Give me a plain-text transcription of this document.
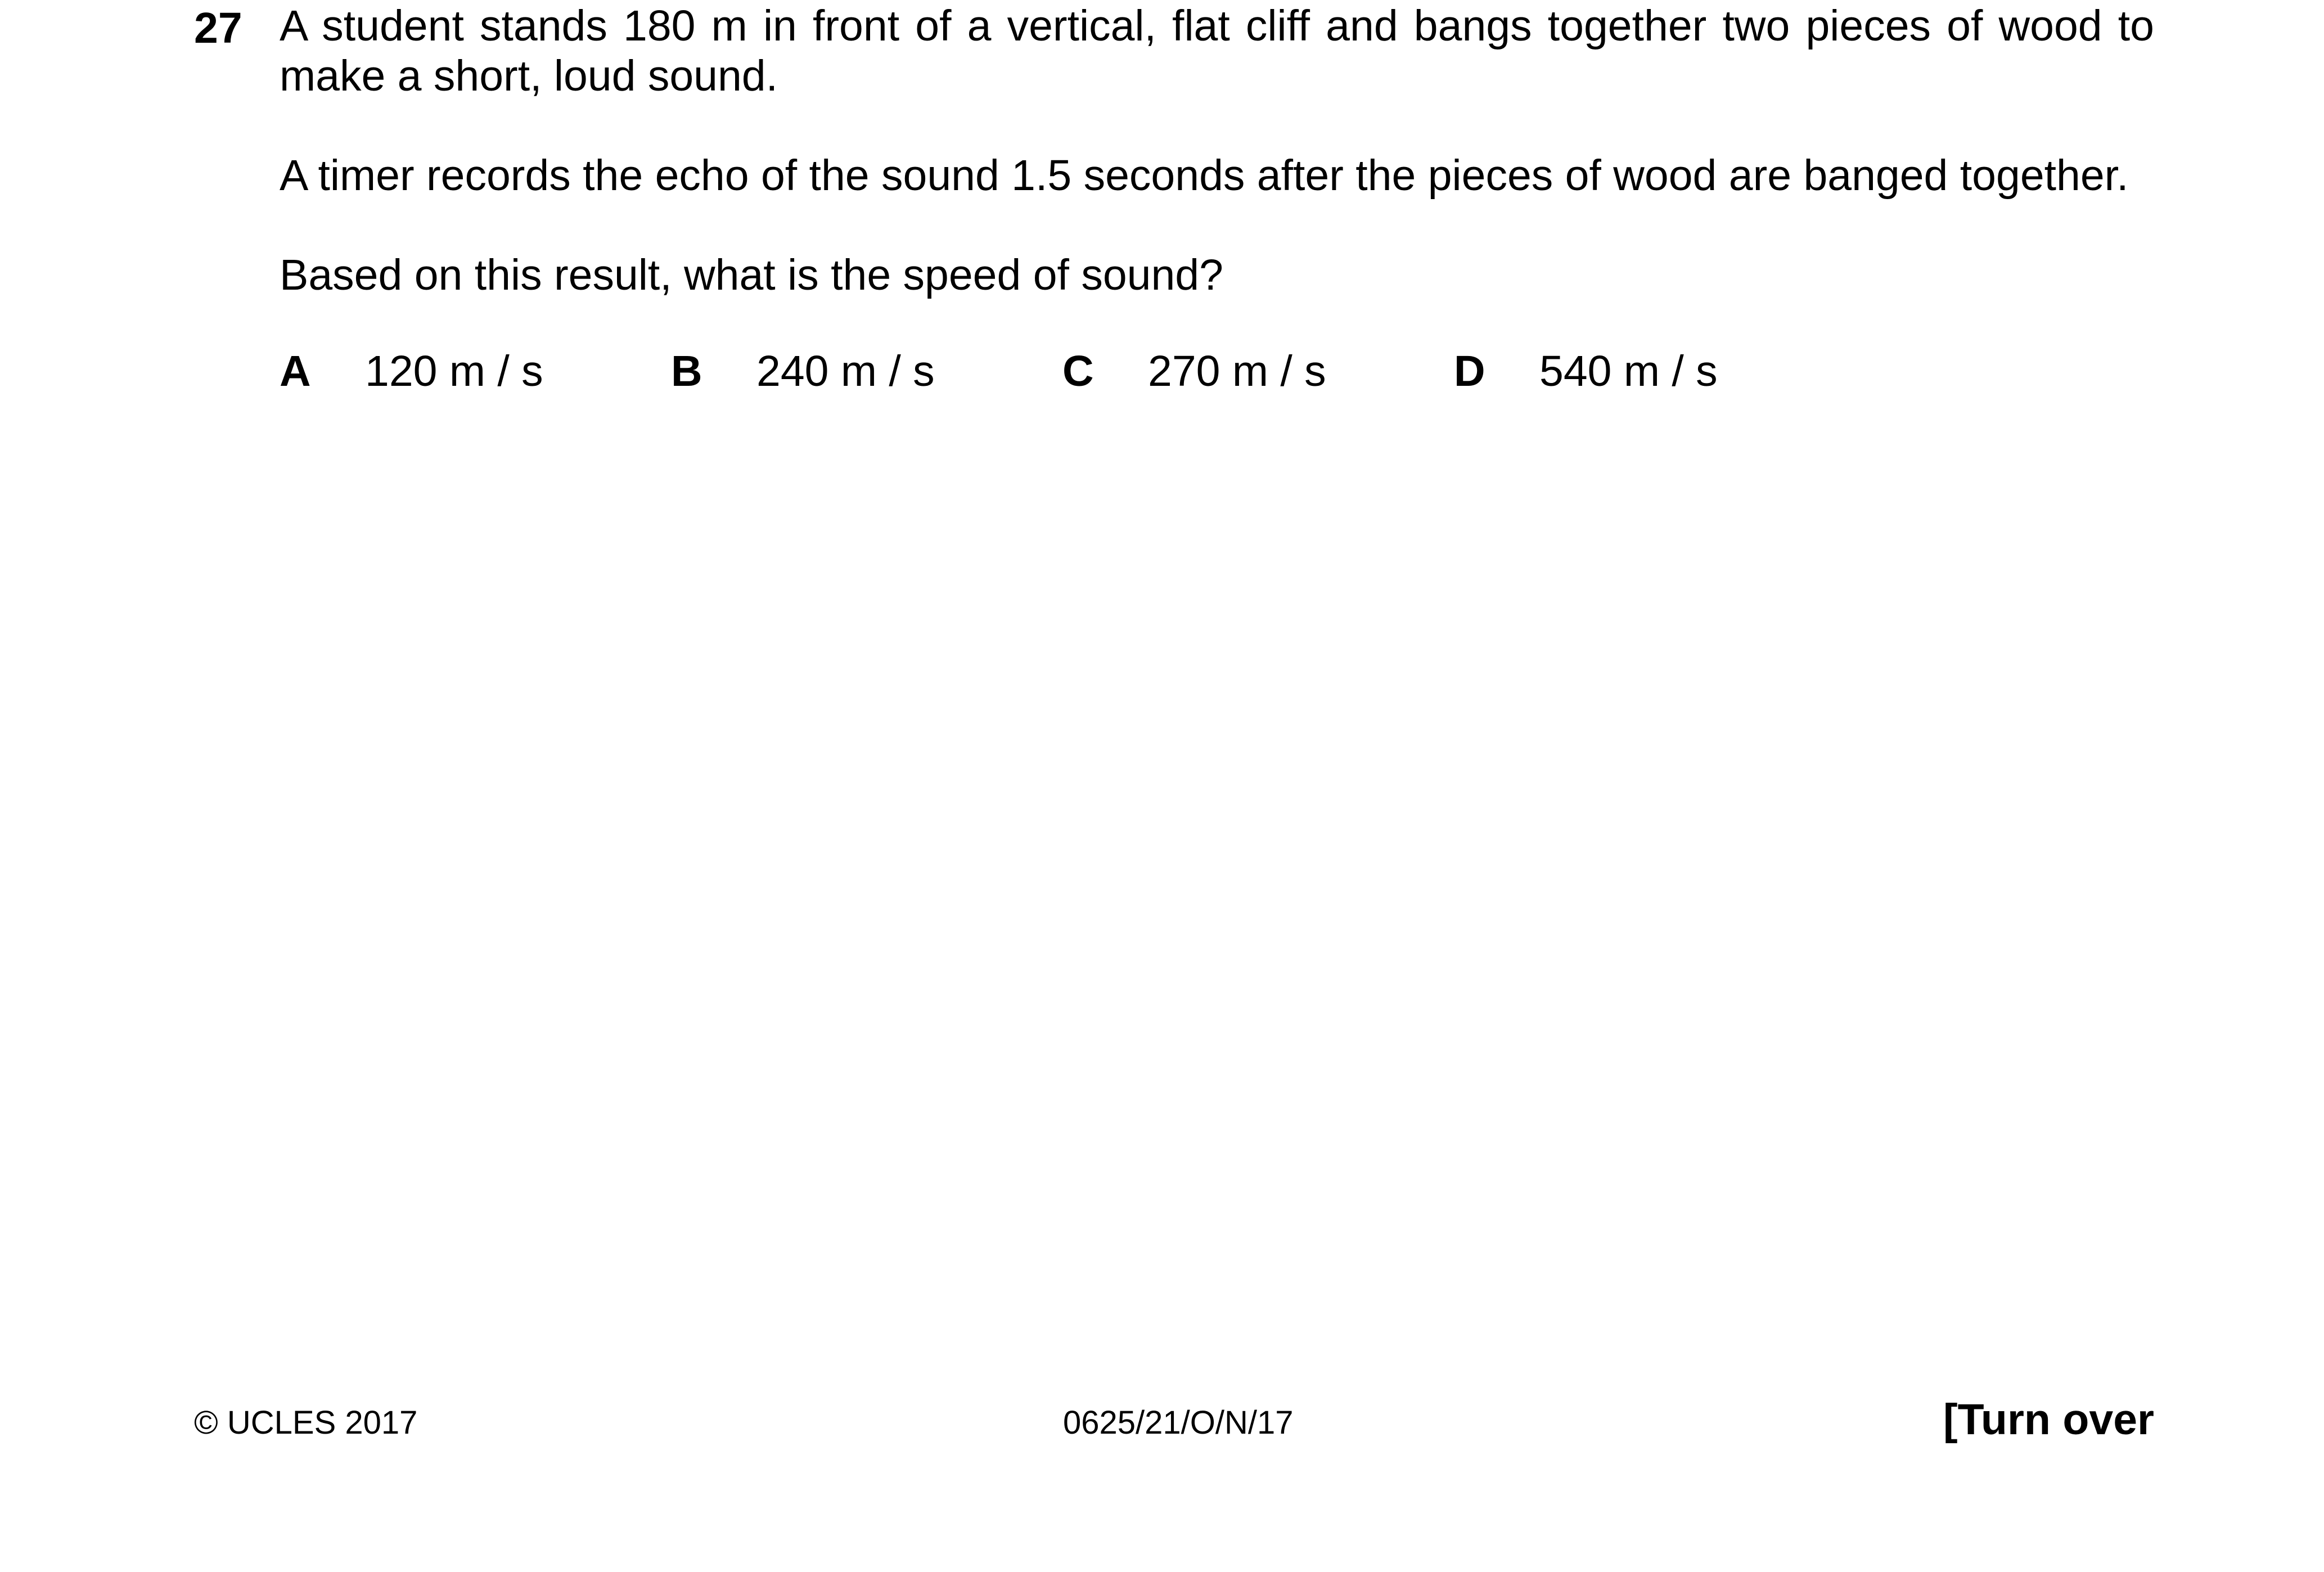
27 A student stands 180 m in front of a vertical, flat cliff and bangs together two pieces of wood to make a short, loud sound.

A timer records the echo of the sound 1.5 seconds after the pieces of wood are banged together.

Based on this result, what is the speed of sound?

A 120 m / s	B 240 m / s	C 270 m / s	D 540 m / s
© UCLES 2017	0625/21/O/N/17	[Turn over
